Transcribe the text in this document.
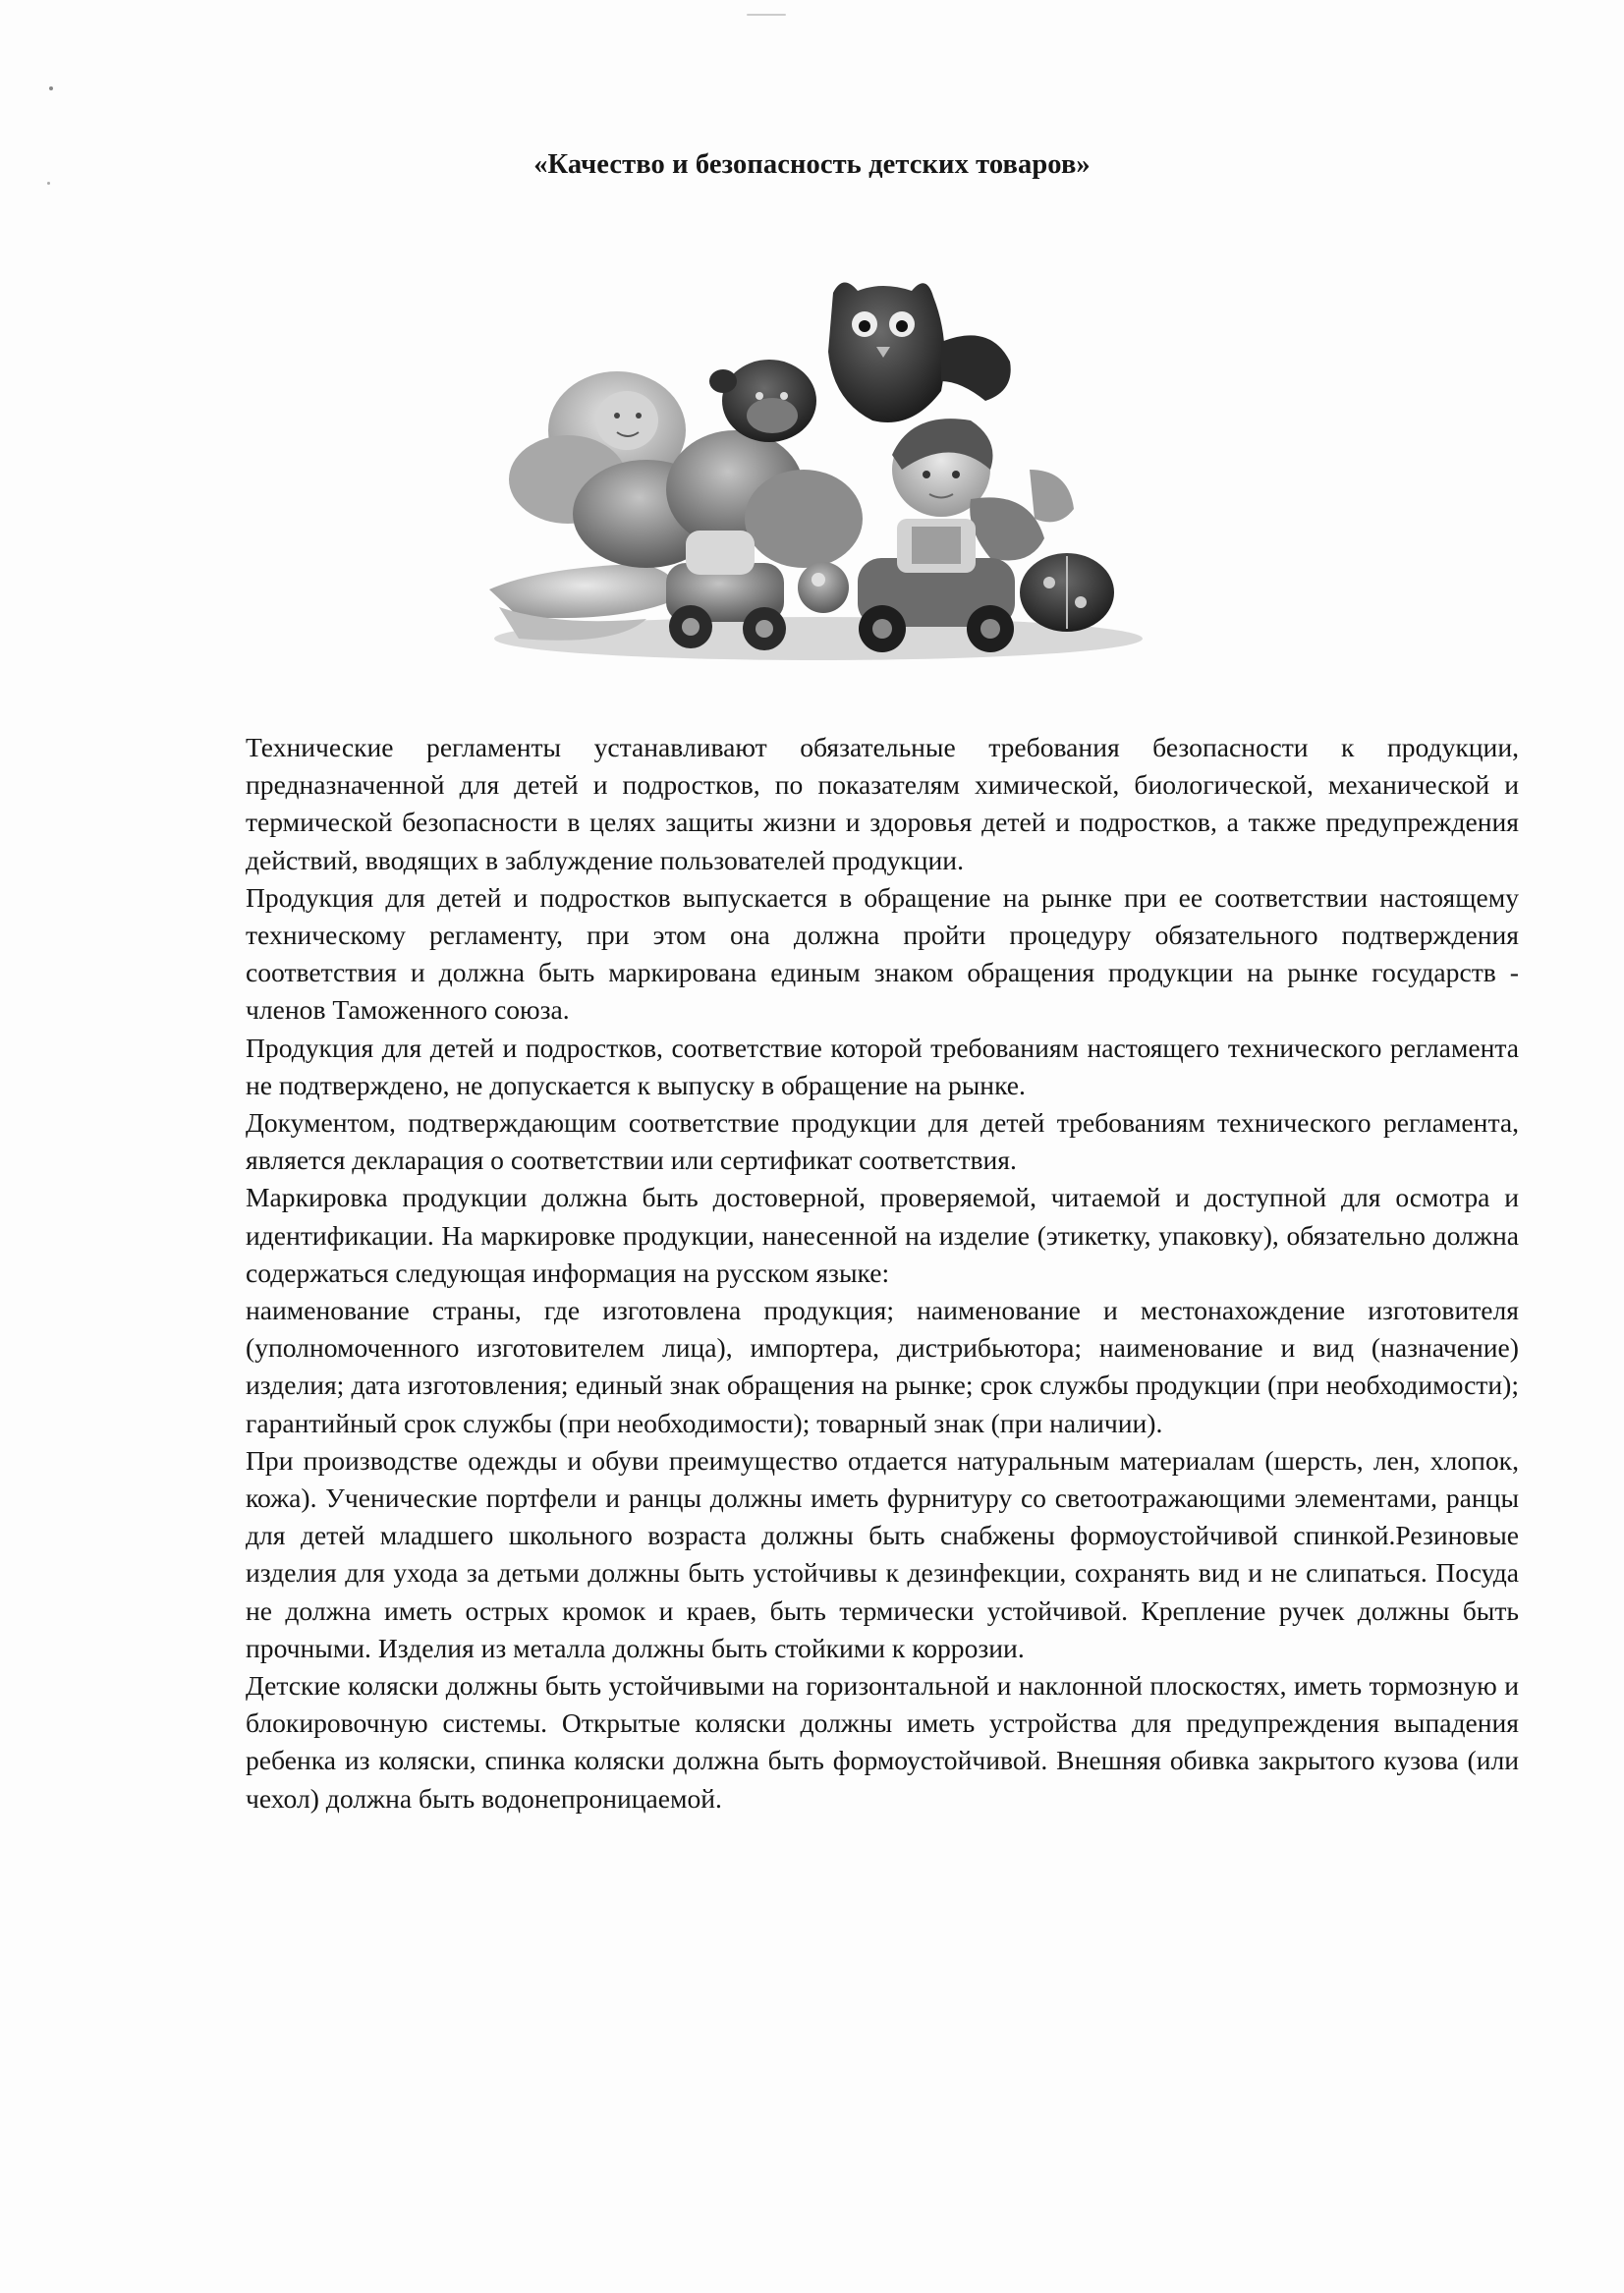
«Качество и безопасность детских товаров»

Технические регламенты устанавливают обязательные требования безопасности к продукции, предназначенной для детей и подростков, по показателям химической, биологической, механической и термической безопасности в целях защиты жизни и здоровья детей и подростков, а также предупреждения действий, вводящих в заблуждение пользователей продукции.

Продукция для детей и подростков выпускается в обращение на рынке при ее соответствии настоящему техническому регламенту, при этом она должна пройти процедуру обязательного подтверждения соответствия и должна быть маркирована единым знаком обращения продукции на рынке государств - членов Таможенного союза.

Продукция для детей и подростков, соответствие которой требованиям настоящего технического регламента не подтверждено, не допускается к выпуску в обращение на рынке.

Документом, подтверждающим соответствие продукции для детей требованиям технического регламента, является декларация о соответствии или сертификат соответствия.

Маркировка продукции должна быть достоверной, проверяемой, читаемой и доступной для осмотра и идентификации. На маркировке продукции, нанесенной на изделие (этикетку, упаковку), обязательно должна содержаться следующая информация на русском языке:

наименование страны, где изготовлена продукция; наименование и местонахождение изготовителя (уполномоченного изготовителем лица), импортера, дистрибьютора; наименование и вид (назначение) изделия; дата изготовления; единый знак обращения на рынке; срок службы продукции (при необходимости); гарантийный срок службы (при необходимости); товарный знак (при наличии).

При производстве одежды и обуви преимущество отдается натуральным материалам (шерсть, лен, хлопок, кожа). Ученические портфели и ранцы должны иметь фурнитуру со светоотражающими элементами, ранцы для детей младшего школьного возраста должны быть снабжены формоустойчивой спинкой.Резиновые изделия для ухода за детьми должны быть устойчивы к дезинфекции, сохранять вид и не слипаться. Посуда не должна иметь острых кромок и краев, быть термически устойчивой. Крепление ручек должны быть прочными. Изделия из металла должны быть стойкими к коррозии.

Детские коляски должны быть устойчивыми на горизонтальной и наклонной плоскостях, иметь тормозную и блокировочную системы. Открытые коляски должны иметь устройства для предупреждения выпадения ребенка из коляски, спинка коляски должна быть формоустойчивой. Внешняя обивка закрытого кузова (или чехол) должна быть водонепроницаемой.
